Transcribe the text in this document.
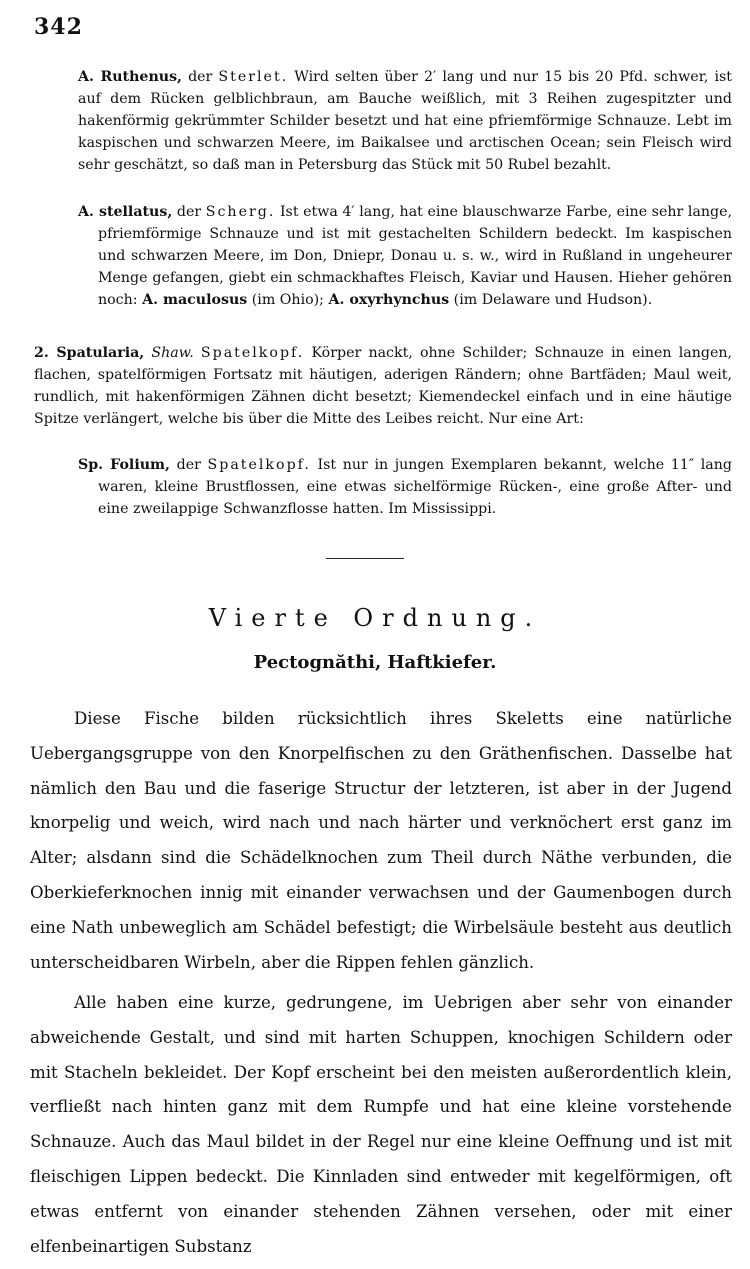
342

A. Ruthenus, der Sterlet. Wird selten über 2′ lang und nur 15 bis 20 Pfd. schwer, ist auf dem Rücken gelblichbraun, am Bauche weißlich, mit 3 Reihen zugespitzter und hakenförmig gekrümmter Schilder besetzt und hat eine pfriemförmige Schnauze. Lebt im kaspischen und schwarzen Meere, im Baikalsee und arctischen Ocean; sein Fleisch wird sehr geschätzt, so daß man in Petersburg das Stück mit 50 Rubel bezahlt.

A. stellatus, der Scherg. Ist etwa 4′ lang, hat eine blauschwarze Farbe, eine sehr lange, pfriemförmige Schnauze und ist mit gestachelten Schildern bedeckt. Im kaspischen und schwarzen Meere, im Don, Dniepr, Donau u. s. w., wird in Rußland in ungeheurer Menge gefangen, giebt ein schmackhaftes Fleisch, Kaviar und Hausen. Hieher gehören noch: A. maculosus (im Ohio); A. oxyrhynchus (im Delaware und Hudson).

2. Spatularia, Shaw. Spatelkopf. Körper nackt, ohne Schilder; Schnauze in einen langen, flachen, spatelförmigen Fortsatz mit häutigen, aderigen Rändern; ohne Bartfäden; Maul weit, rundlich, mit hakenförmigen Zähnen dicht besetzt; Kiemendeckel einfach und in eine häutige Spitze verlängert, welche bis über die Mitte des Leibes reicht. Nur eine Art:

Sp. Folium, der Spatelkopf. Ist nur in jungen Exemplaren bekannt, welche 11″ lang waren, kleine Brustflossen, eine etwas sichelförmige Rücken-, eine große After- und eine zweilappige Schwanzflosse hatten. Im Mississippi.

Vierte Ordnung.
Pectognăthi, Haftkiefer.

Diese Fische bilden rücksichtlich ihres Skeletts eine natürliche Uebergangsgruppe von den Knorpelfischen zu den Gräthenfischen. Dasselbe hat nämlich den Bau und die faserige Structur der letzteren, ist aber in der Jugend knorpelig und weich, wird nach und nach härter und verknöchert erst ganz im Alter; alsdann sind die Schädelknochen zum Theil durch Näthe verbunden, die Oberkieferknochen innig mit einander verwachsen und der Gaumenbogen durch eine Nath unbeweglich am Schädel befestigt; die Wirbelsäule besteht aus deutlich unterscheidbaren Wirbeln, aber die Rippen fehlen gänzlich.

Alle haben eine kurze, gedrungene, im Uebrigen aber sehr von einander abweichende Gestalt, und sind mit harten Schuppen, knochigen Schildern oder mit Stacheln bekleidet. Der Kopf erscheint bei den meisten außerordentlich klein, verfließt nach hinten ganz mit dem Rumpfe und hat eine kleine vorstehende Schnauze. Auch das Maul bildet in der Regel nur eine kleine Oeffnung und ist mit fleischigen Lippen bedeckt. Die Kinnladen sind entweder mit kegelförmigen, oft etwas entfernt von einander stehenden Zähnen versehen, oder mit einer elfenbeinartigen Substanz
